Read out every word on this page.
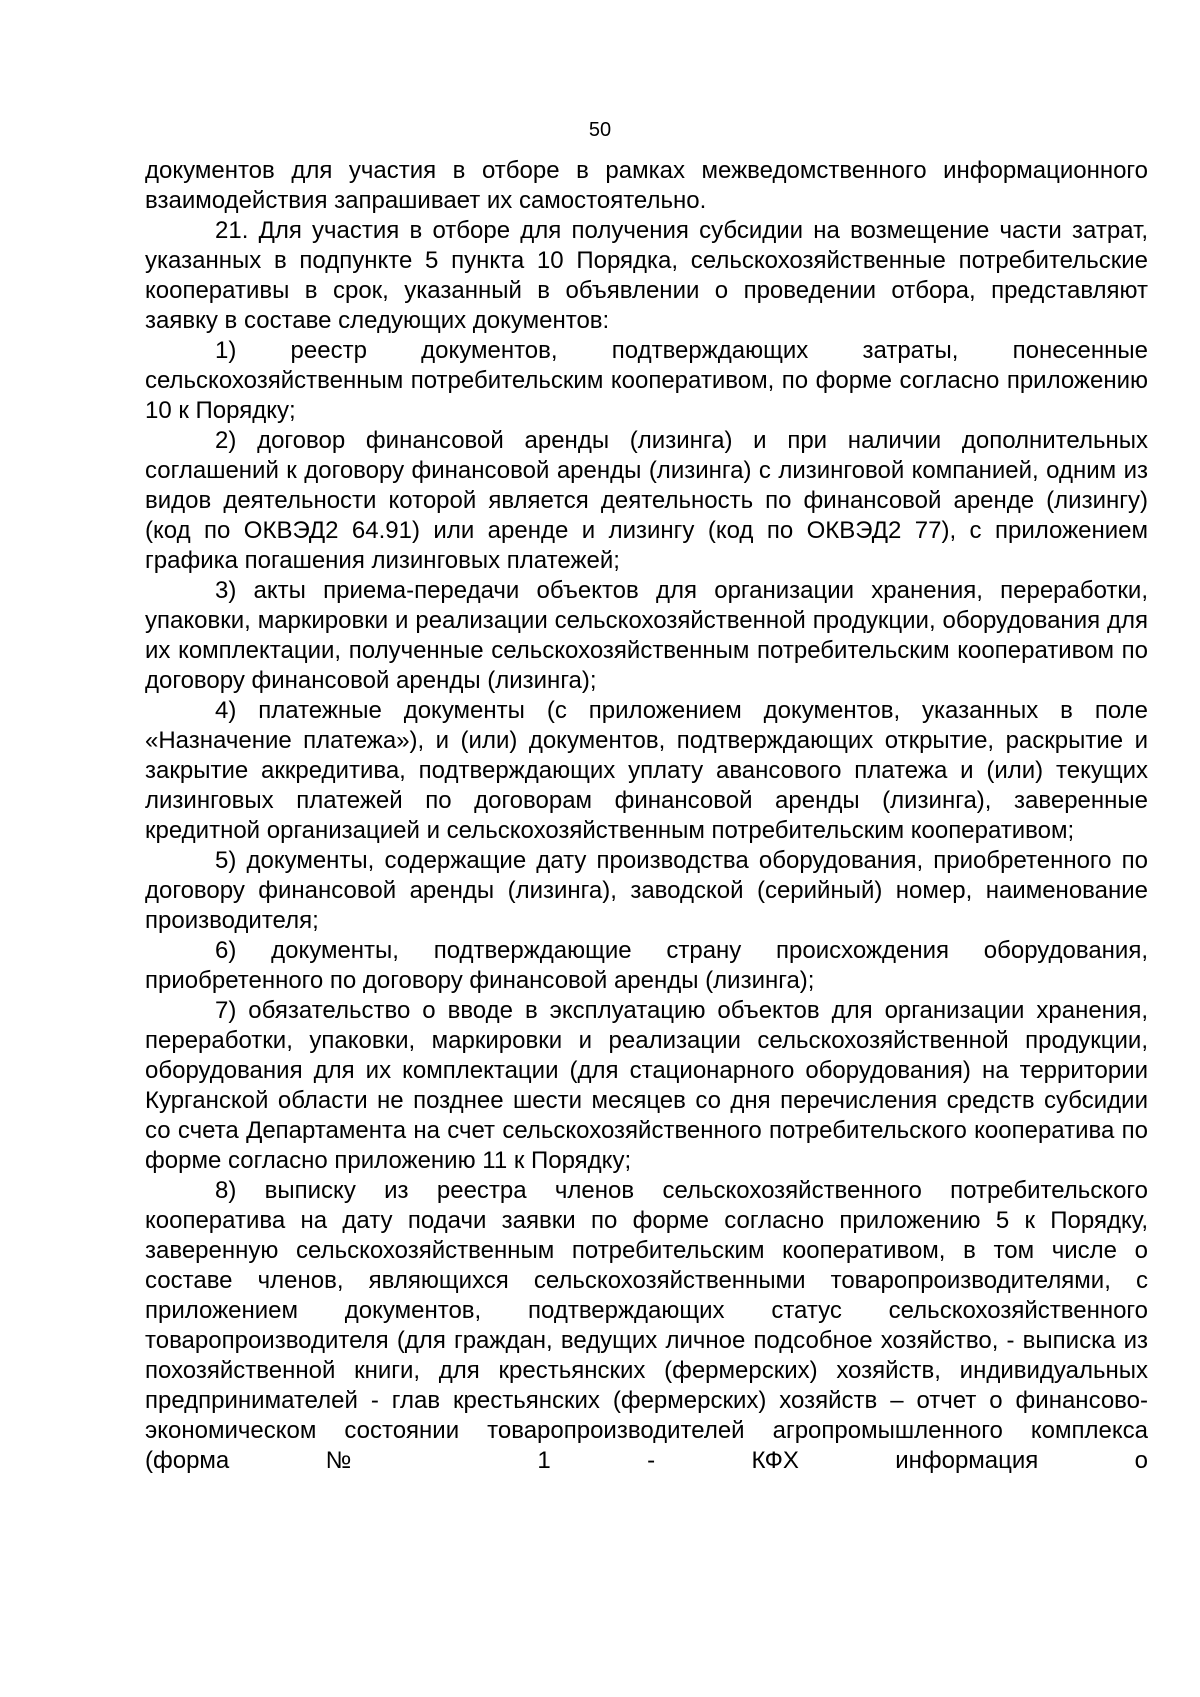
50

документов для участия в отборе в рамках межведомственного информационного взаимодействия запрашивает их самостоятельно.

21. Для участия в отборе для получения субсидии на возмещение части затрат, указанных в подпункте 5 пункта 10 Порядка, сельскохозяйственные потребительские кооперативы в срок, указанный в объявлении о проведении отбора, представляют заявку в составе следующих документов:

1) реестр документов, подтверждающих затраты, понесенные сельскохозяйственным потребительским кооперативом, по форме согласно приложению 10 к Порядку;

2) договор финансовой аренды (лизинга) и при наличии дополнительных соглашений к договору финансовой аренды (лизинга) с лизинговой компанией, одним из видов деятельности которой является деятельность по финансовой аренде (лизингу) (код по ОКВЭД2 64.91) или аренде и лизингу (код по ОКВЭД2 77), с приложением графика погашения лизинговых платежей;

3) акты приема-передачи объектов для организации хранения, переработки, упаковки, маркировки и реализации сельскохозяйственной продукции, оборудования для их комплектации, полученные сельскохозяйственным потребительским кооперативом по договору финансовой аренды (лизинга);

4) платежные документы (с приложением документов, указанных в поле «Назначение платежа»), и (или) документов, подтверждающих открытие, раскрытие и закрытие аккредитива, подтверждающих уплату авансового платежа и (или) текущих лизинговых платежей по договорам финансовой аренды (лизинга), заверенные кредитной организацией и сельскохозяйственным потребительским кооперативом;

5) документы, содержащие дату производства оборудования, приобретенного по договору финансовой аренды (лизинга), заводской (серийный) номер, наименование производителя;

6) документы, подтверждающие страну происхождения оборудования, приобретенного по договору финансовой аренды (лизинга);

7) обязательство о вводе в эксплуатацию объектов для организации хранения, переработки, упаковки, маркировки и реализации сельскохозяйственной продукции, оборудования для их комплектации (для стационарного оборудования) на территории Курганской области не позднее шести месяцев со дня перечисления средств субсидии со счета Департамента на счет сельскохозяйственного потребительского кооператива по форме согласно приложению 11 к Порядку;

8) выписку из реестра членов сельскохозяйственного потребительского кооператива на дату подачи заявки по форме согласно приложению 5 к Порядку, заверенную сельскохозяйственным потребительским кооперативом, в том числе о составе членов, являющихся сельскохозяйственными товаропроизводителями, с приложением документов, подтверждающих статус сельскохозяйственного товаропроизводителя (для граждан, ведущих личное подсобное хозяйство, - выписка из похозяйственной книги, для крестьянских (фермерских) хозяйств, индивидуальных предпринимателей - глав крестьянских (фермерских) хозяйств – отчет о финансово-экономическом состоянии товаропроизводителей агропромышленного комплекса (форма № 1 - КФХ информация о
